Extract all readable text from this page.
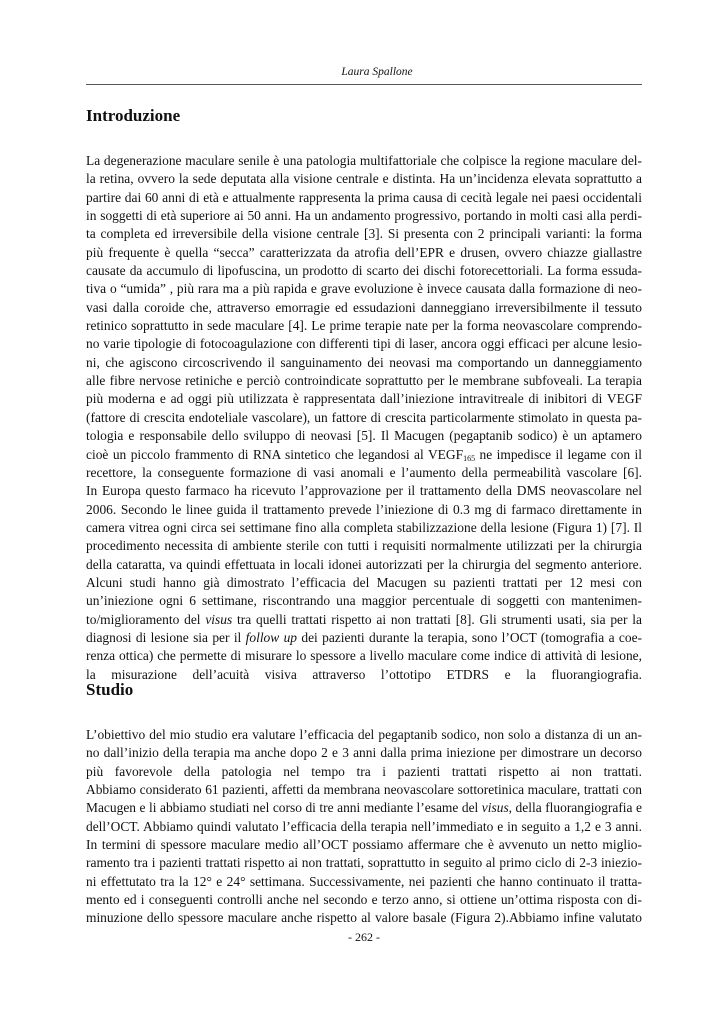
Laura Spallone
Introduzione
La degenerazione maculare senile è una patologia multifattoriale che colpisce la regione maculare del-
la retina, ovvero la sede deputata alla visione centrale e distinta. Ha un’incidenza elevata soprattutto a
partire dai 60 anni di età e attualmente rappresenta la prima causa di cecità legale nei paesi occidentali
in soggetti di età superiore ai 50 anni. Ha un andamento progressivo, portando in molti casi alla perdi-
ta completa ed irreversibile della visione centrale [3]. Si presenta con 2 principali varianti: la forma
più frequente è quella “secca” caratterizzata da atrofia dell’EPR e drusen, ovvero chiazze giallastre
causate da accumulo di lipofuscina, un prodotto di scarto dei dischi fotorecettoriali. La forma essuda-
tiva o “umida” , più rara ma a più rapida e grave evoluzione è invece causata dalla formazione di neo-
vasi dalla coroide che, attraverso emorragie ed essudazioni danneggiano irreversibilmente il tessuto
retinico soprattutto in sede maculare [4]. Le prime terapie nate per la forma neovascolare comprendo-
no varie tipologie di fotocoagulazione con differenti tipi di laser, ancora oggi efficaci per alcune lesio-
ni, che agiscono circoscrivendo il sanguinamento dei neovasi ma comportando un danneggiamento
alle fibre nervose retiniche e perciò controindicate soprattutto per le membrane subfoveali. La terapia
più moderna e ad oggi più utilizzata è rappresentata dall’iniezione intravitreale di inibitori di VEGF
(fattore di crescita endoteliale vascolare), un fattore di crescita particolarmente stimolato in questa pa-
tologia e responsabile dello sviluppo di neovasi [5]. Il Macugen (pegaptanib sodico) è un aptamero
cioè un piccolo frammento di RNA sintetico che legandosi al $VEGF_{165}$ ne impedisce il legame con il
recettore, la conseguente formazione di vasi anomali e l’aumento della permeabilità vascolare [6].
In Europa questo farmaco ha ricevuto l’approvazione per il trattamento della DMS neovascolare nel
2006. Secondo le linee guida il trattamento prevede l’iniezione di 0.3 mg di farmaco direttamente in
camera vitrea ogni circa sei settimane fino alla completa stabilizzazione della lesione (Figura 1) [7]. Il
procedimento necessita di ambiente sterile con tutti i requisiti normalmente utilizzati per la chirurgia
della cataratta, va quindi effettuata in locali idonei autorizzati per la chirurgia del segmento anteriore.
Alcuni studi hanno già dimostrato l’efficacia del Macugen su pazienti trattati per 12 mesi con
un’iniezione ogni 6 settimane, riscontrando una maggior percentuale di soggetti con mantenimen-
to/miglioramento del visus tra quelli trattati rispetto ai non trattati [8]. Gli strumenti usati, sia per la
diagnosi di lesione sia per il follow up dei pazienti durante la terapia, sono l’OCT (tomografia a coe-
renza ottica) che permette di misurare lo spessore a livello maculare come indice di attività di lesione,
la misurazione dell’acuità visiva attraverso l’ottotipo ETDRS e la fluorangiografia.
Studio
L’obiettivo del mio studio era valutare l’efficacia del pegaptanib sodico, non solo a distanza di un an-
no dall’inizio della terapia ma anche dopo 2 e 3 anni dalla prima iniezione per dimostrare un decorso
più favorevole della patologia nel tempo tra i pazienti trattati rispetto ai non trattati.
Abbiamo considerato 61 pazienti, affetti da membrana neovascolare sottoretinica maculare, trattati con
Macugen e li abbiamo studiati nel corso di tre anni mediante l’esame del visus, della fluorangiografia e
dell’OCT. Abbiamo quindi valutato l’efficacia della terapia nell’immediato e in seguito a 1,2 e 3 anni.
In termini di spessore maculare medio all’OCT possiamo affermare che è avvenuto un netto miglio-
ramento tra i pazienti trattati rispetto ai non trattati, soprattutto in seguito al primo ciclo di 2-3 iniezio-
ni effettutato tra la 12° e 24° settimana. Successivamente, nei pazienti che hanno continuato il tratta-
mento ed i conseguenti controlli anche nel secondo e terzo anno, si ottiene un’ottima risposta con di-
minuzione dello spessore maculare anche rispetto al valore basale (Figura 2).Abbiamo infine valutato
- 262 -
